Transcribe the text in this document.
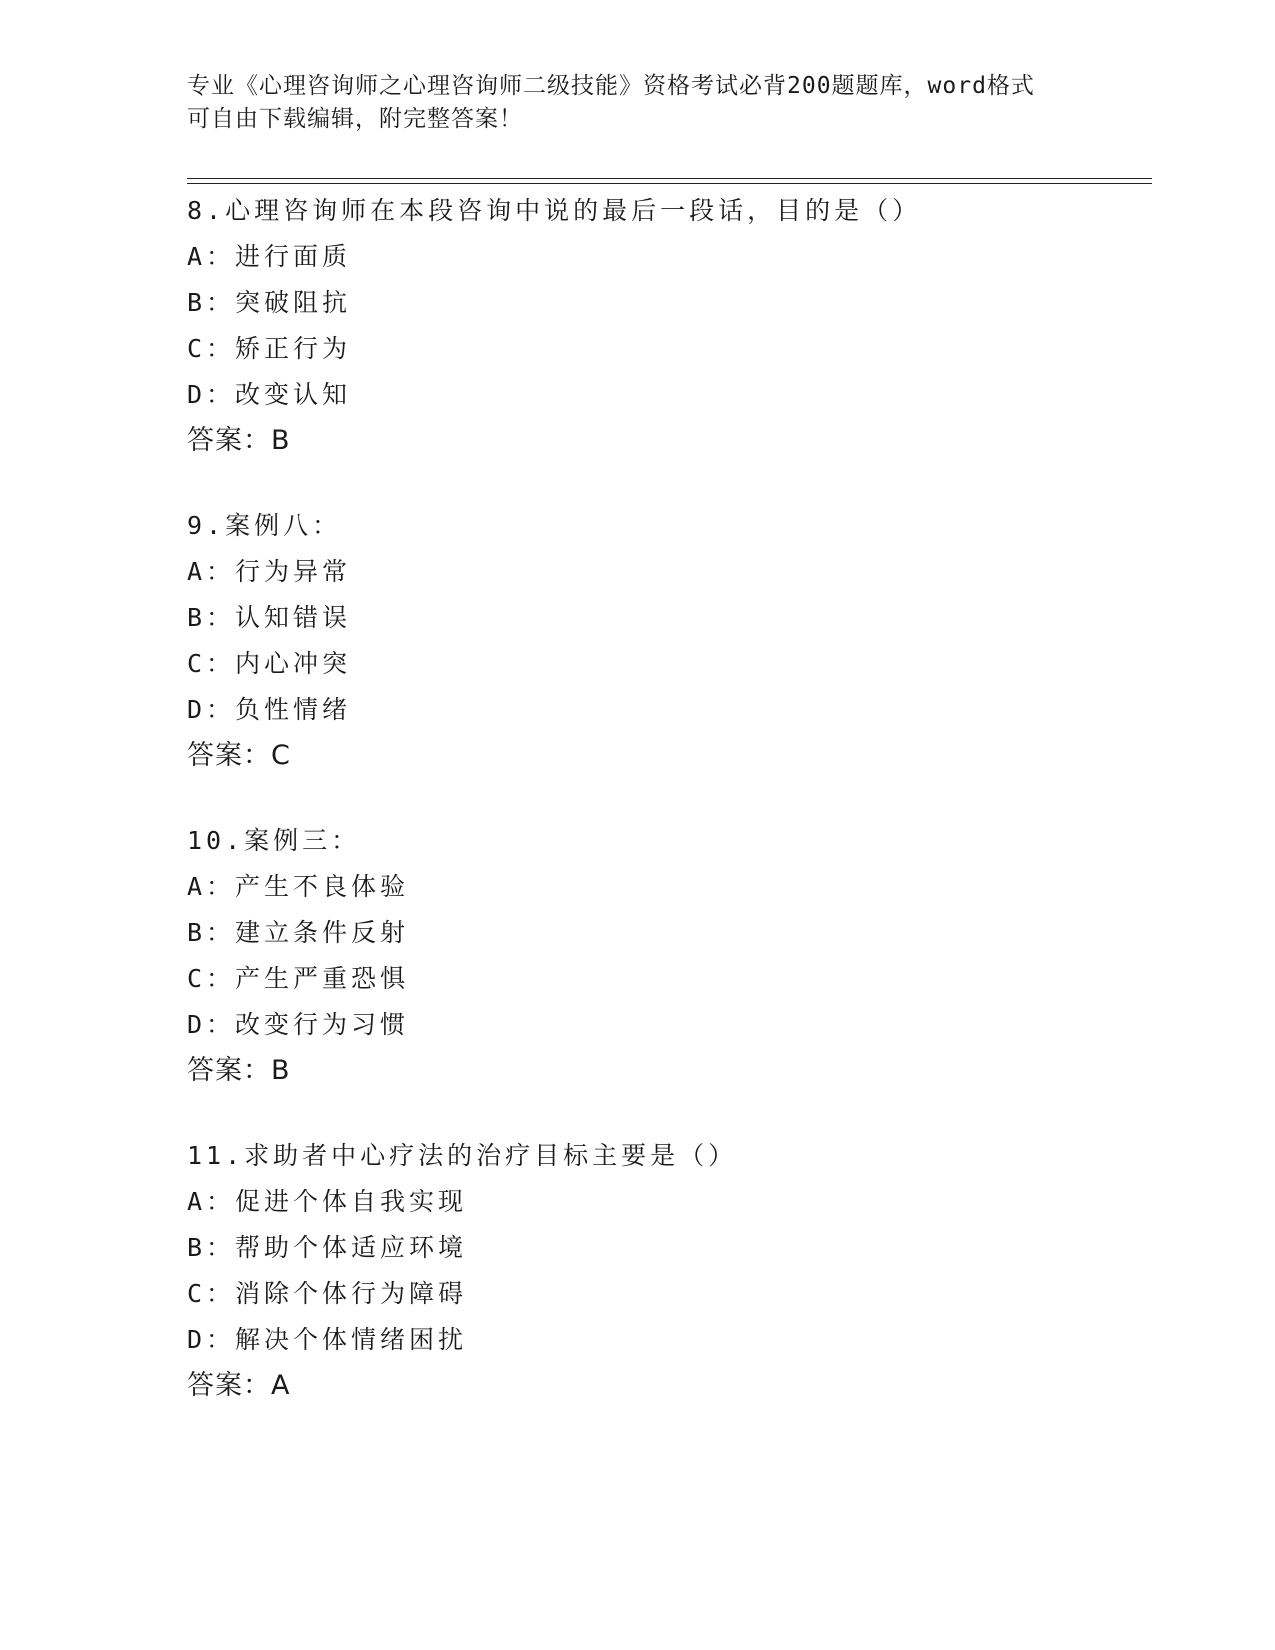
专业《心理咨询师之心理咨询师二级技能》资格考试必背200题题库，word格式
可自由下载编辑，附完整答案！
8.心理咨询师在本段咨询中说的最后一段话，目的是（）
A：进行面质
B：突破阻抗
C：矫正行为
D：改变认知
答案：B
9.案例八：
A：行为异常
B：认知错误
C：内心冲突
D：负性情绪
答案：C
10.案例三：
A：产生不良体验
B：建立条件反射
C：产生严重恐惧
D：改变行为习惯
答案：B
11.求助者中心疗法的治疗目标主要是（）
A：促进个体自我实现
B：帮助个体适应环境
C：消除个体行为障碍
D：解决个体情绪困扰
答案：A
